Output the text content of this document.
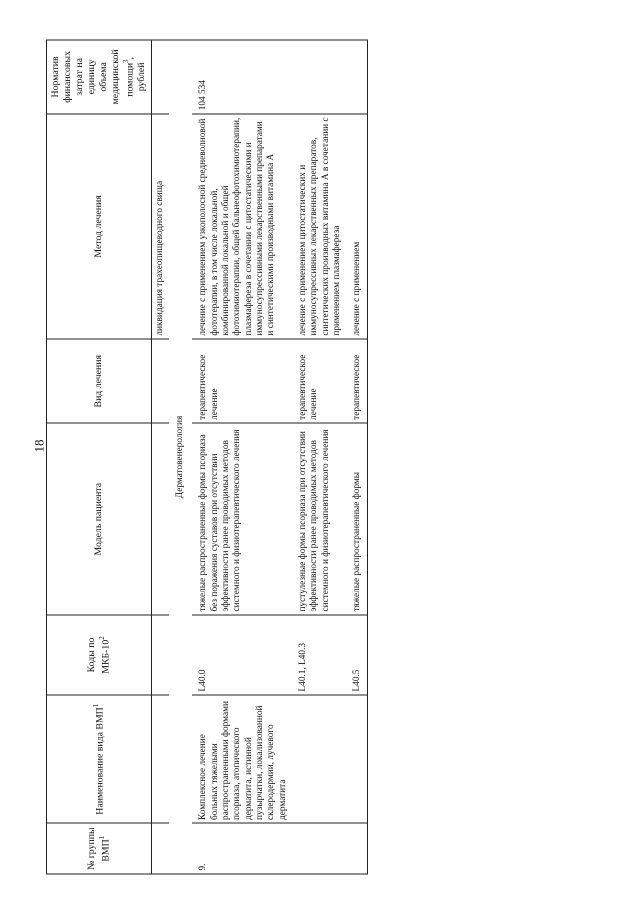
18
№ группы ВМП$^1$	Наименование вида ВМП$^1$	Коды по МКБ-$10^2$	Модель пациента	Вид лечения	Метод лечения	Норматив финансовых затрат на единицу объема медицинской помощи$^3$, рублей
					ликвидация трахеопищеводного свища	
Дерматовенерология						
9.	Комплексное лечение больных тяжелыми распространенными формами псориаза, атопического дерматита, истинной пузырчатки, локализованной склеродермии, лучевого дерматита	L40.0	тяжелые распространенные формы псориаза без поражения суставов при отсутствии эффективности ранее проводимых методов системного и физиотерапевтического лечения	терапевтическое лечение	лечение с применением узкополосной средневолновой фототерапии, в том числе локальной, комбинированной локальной и общей фотохимиотерапии, общей бальнеофотохимиотерапии, плазмафереза в сочетании с цитостатическими и иммуносупрессивными лекарственными препаратами и синтетическими производными витамина А	104 534
		L40.1, L40.3	пустулезные формы псориаза при отсутствии эффективности ранее проводимых методов системного и физиотерапевтического лечения	терапевтическое лечение	лечение с применением цитостатических и иммуносупрессивных лекарственных препаратов, синтетических производных витамина А в сочетании с применением плазмафереза	
		L40.5	тяжелые распространенные формы	терапевтическое	лечение с применением	
